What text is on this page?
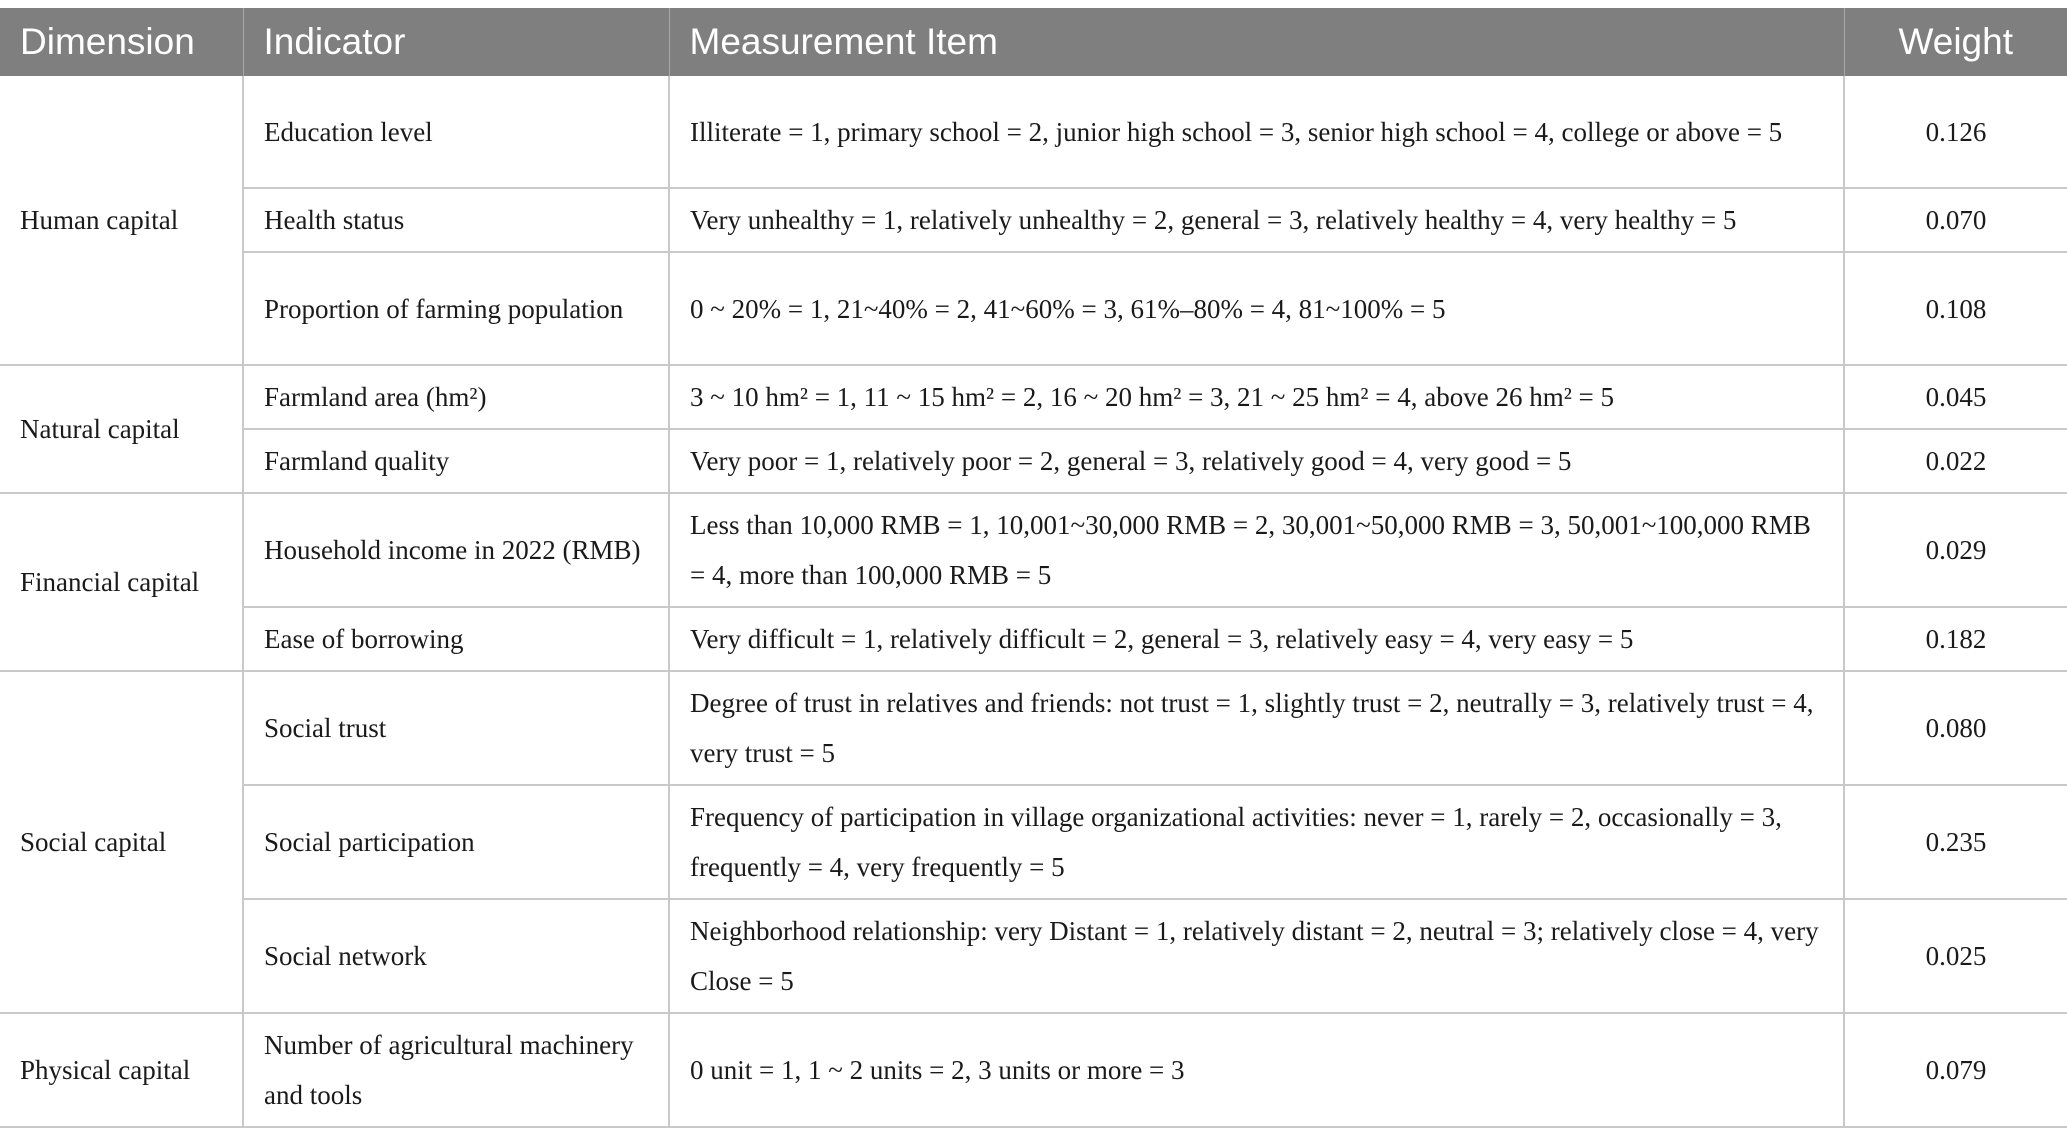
Dimension	Indicator	Measurement Item	Weight
Human capital	Education level	Illiterate = 1, primary school = 2, junior high school = 3, senior high school = 4, college or above = 5	0.126
	Health status	Very unhealthy = 1, relatively unhealthy = 2, general = 3, relatively healthy = 4, very healthy = 5	0.070
	Proportion of farming population	0 ~ 20% = 1, 21~40% = 2, 41~60% = 3, 61%–80% = 4, 81~100% = 5	0.108
Natural capital	Farmland area (hm²)	3 ~ 10 hm² = 1, 11 ~ 15 hm² = 2, 16 ~ 20 hm² = 3, 21 ~ 25 hm² = 4, above 26 hm² = 5	0.045
	Farmland quality	Very poor = 1, relatively poor = 2, general = 3, relatively good = 4, very good = 5	0.022
Financial capital	Household income in 2022 (RMB)	Less than 10,000 RMB = 1, 10,001~30,000 RMB = 2, 30,001~50,000 RMB = 3, 50,001~100,000 RMB = 4, more than 100,000 RMB = 5	0.029
	Ease of borrowing	Very difficult = 1, relatively difficult = 2, general = 3, relatively easy = 4, very easy = 5	0.182
Social capital	Social trust	Degree of trust in relatives and friends: not trust = 1, slightly trust = 2, neutrally = 3, relatively trust = 4, very trust = 5	0.080
	Social participation	Frequency of participation in village organizational activities: never = 1, rarely = 2, occasionally = 3, frequently = 4, very frequently = 5	0.235
	Social network	Neighborhood relationship: very Distant = 1, relatively distant = 2, neutral = 3; relatively close = 4, very Close = 5	0.025
Physical capital	Number of agricultural machinery and tools	0 unit = 1, 1 ~ 2 units = 2, 3 units or more = 3	0.079
